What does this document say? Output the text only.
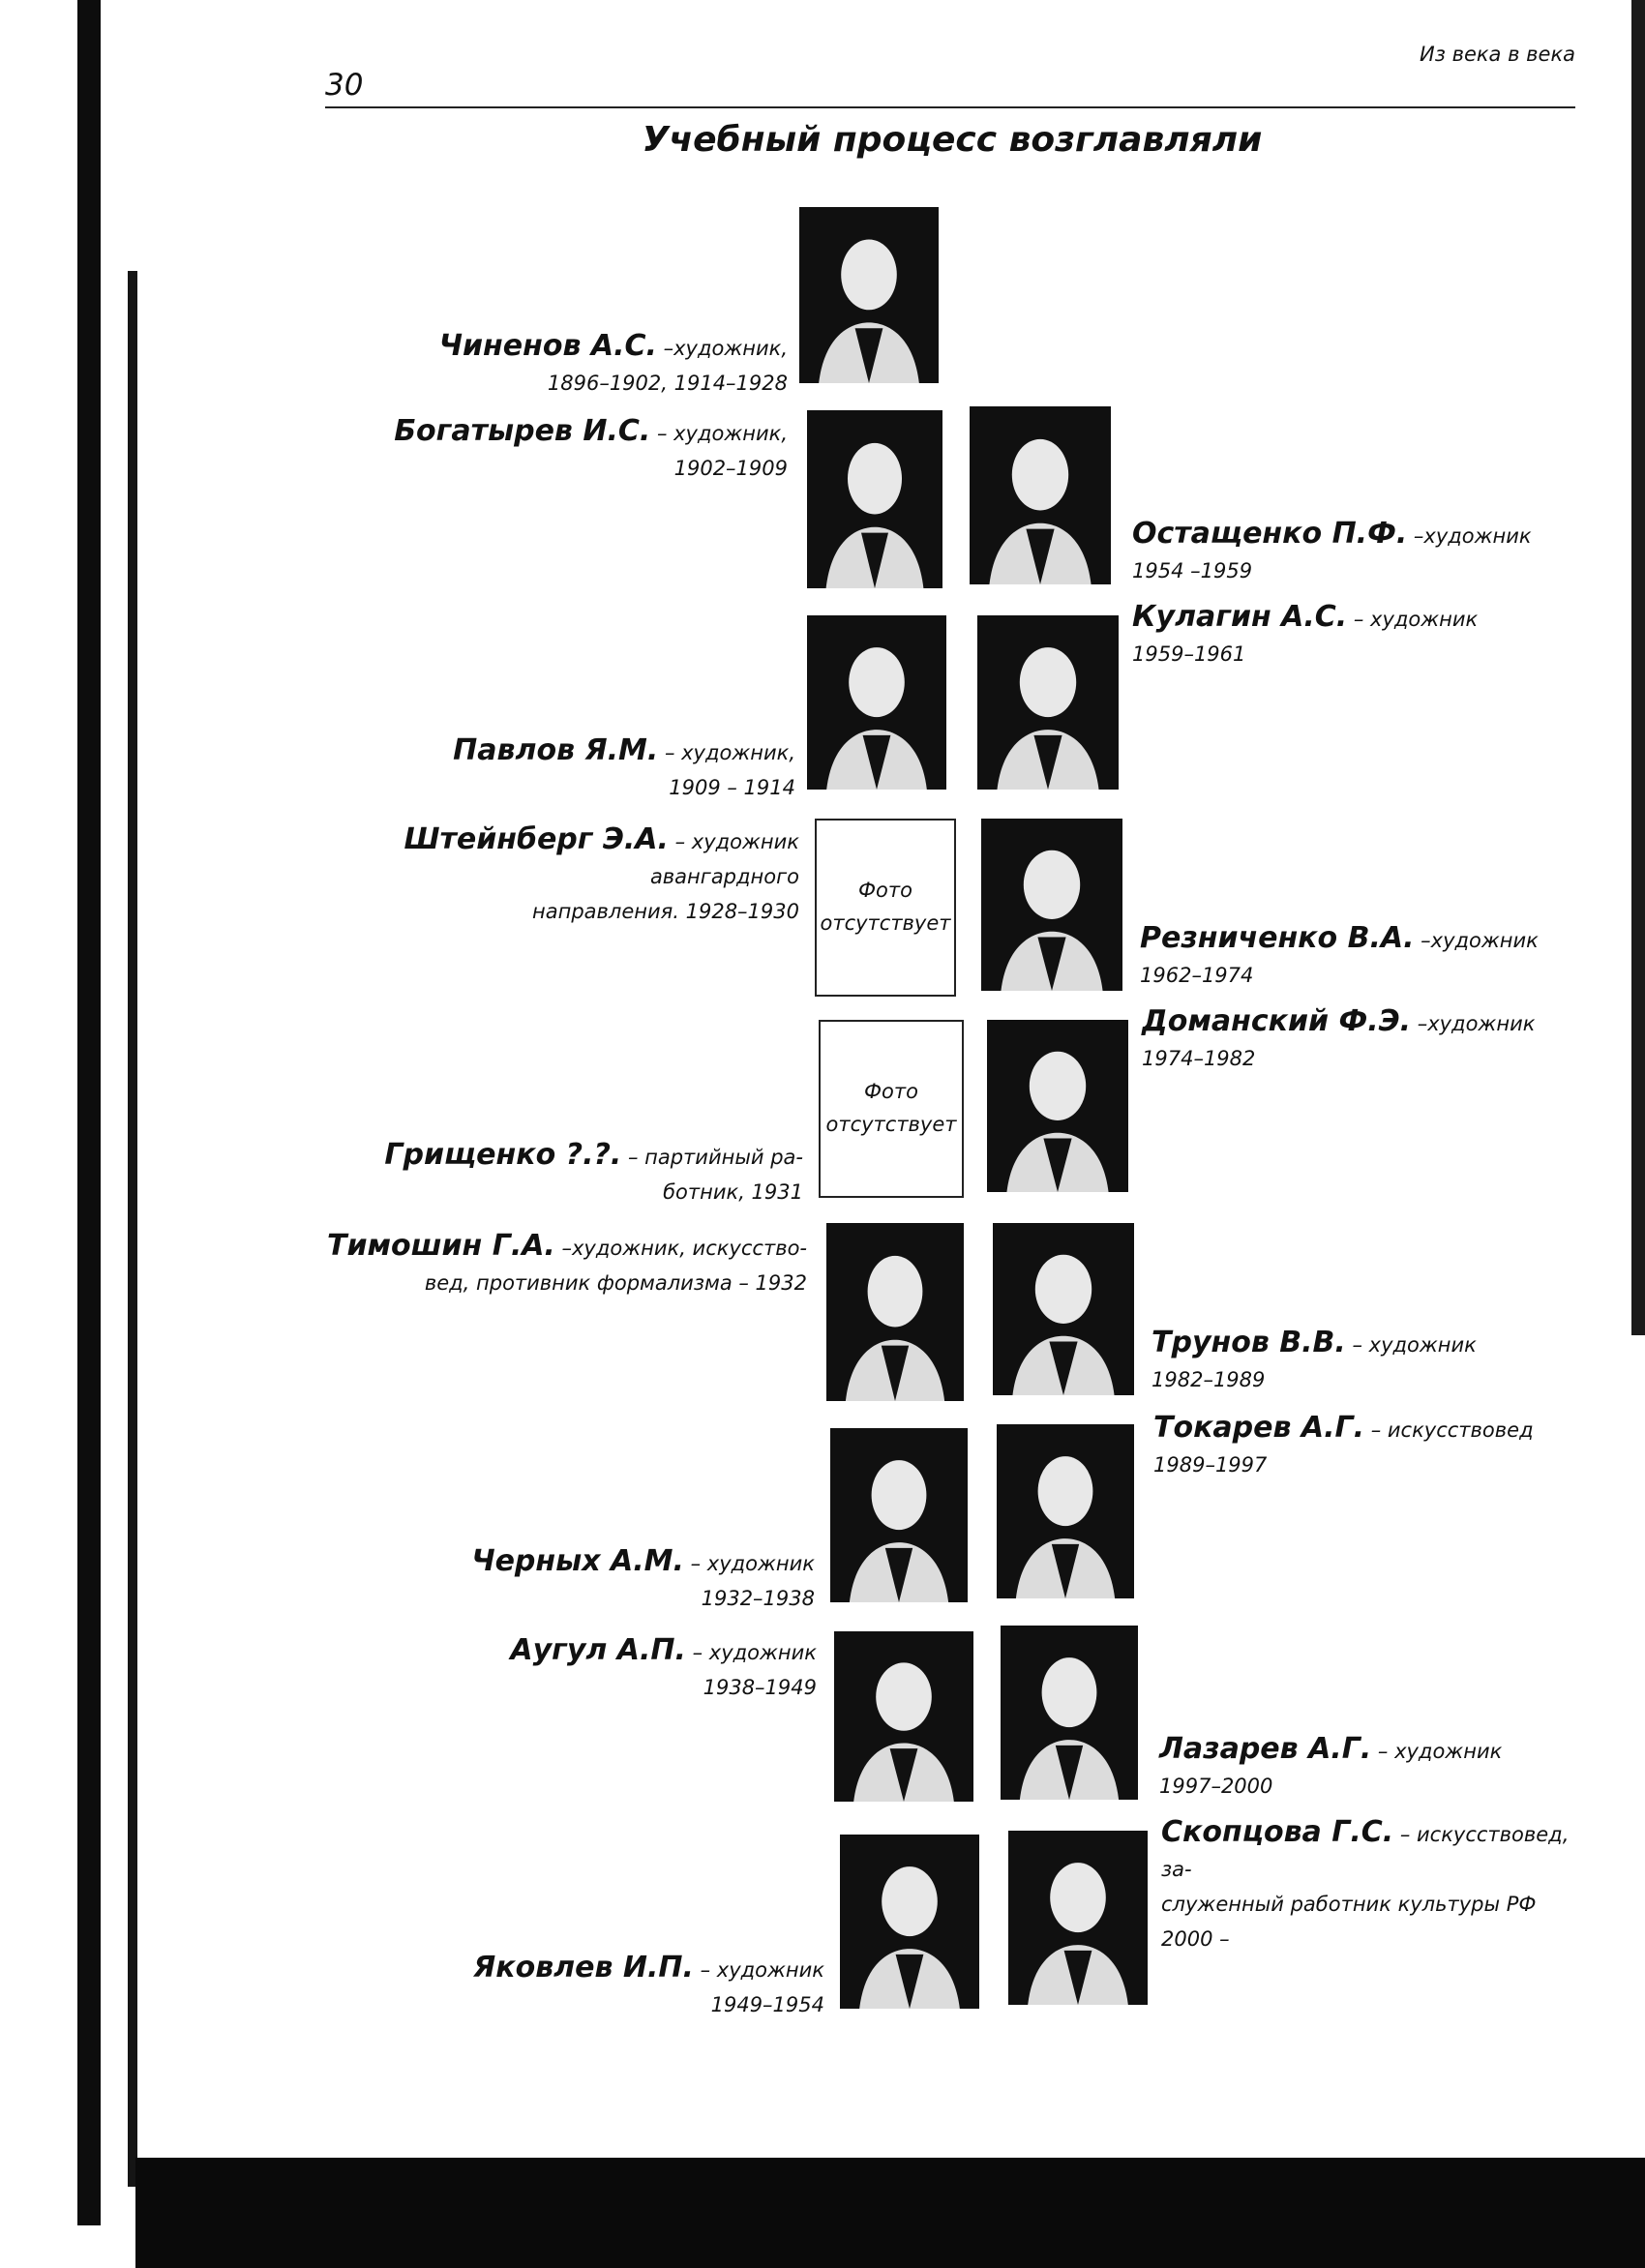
30
Из века в века
Учебный процесс возглавляли
Фото отсутствует
Фото отсутствует
Чиненов А.С. –художник,
1896–1902, 1914–1928
Богатырев И.С. – художник,
1902–1909
Павлов Я.М. – художник,
1909 – 1914
Штейнберг Э.А. – художник
авангардного направления. 1928–1930
Грищенко ?.?. – партийный ра-
ботник, 1931
Тимошин Г.А. –художник, искусство-
вед, противник формализма – 1932
Черных А.М. – художник
1932–1938
Аугул А.П. – художник
1938–1949
Яковлев И.П. – художник
1949–1954
Остащенко П.Ф. –художник
1954 –1959
Кулагин А.С. – художник
1959–1961
Резниченко В.А. –художник
1962–1974
Доманский Ф.Э. –художник
1974–1982
Трунов В.В. – художник
1982–1989
Токарев А.Г. – искусствовед
1989–1997
Лазарев А.Г. – художник
1997–2000
Скопцова Г.С. – искусствовед, за-
служенный работник культуры РФ 2000 –
